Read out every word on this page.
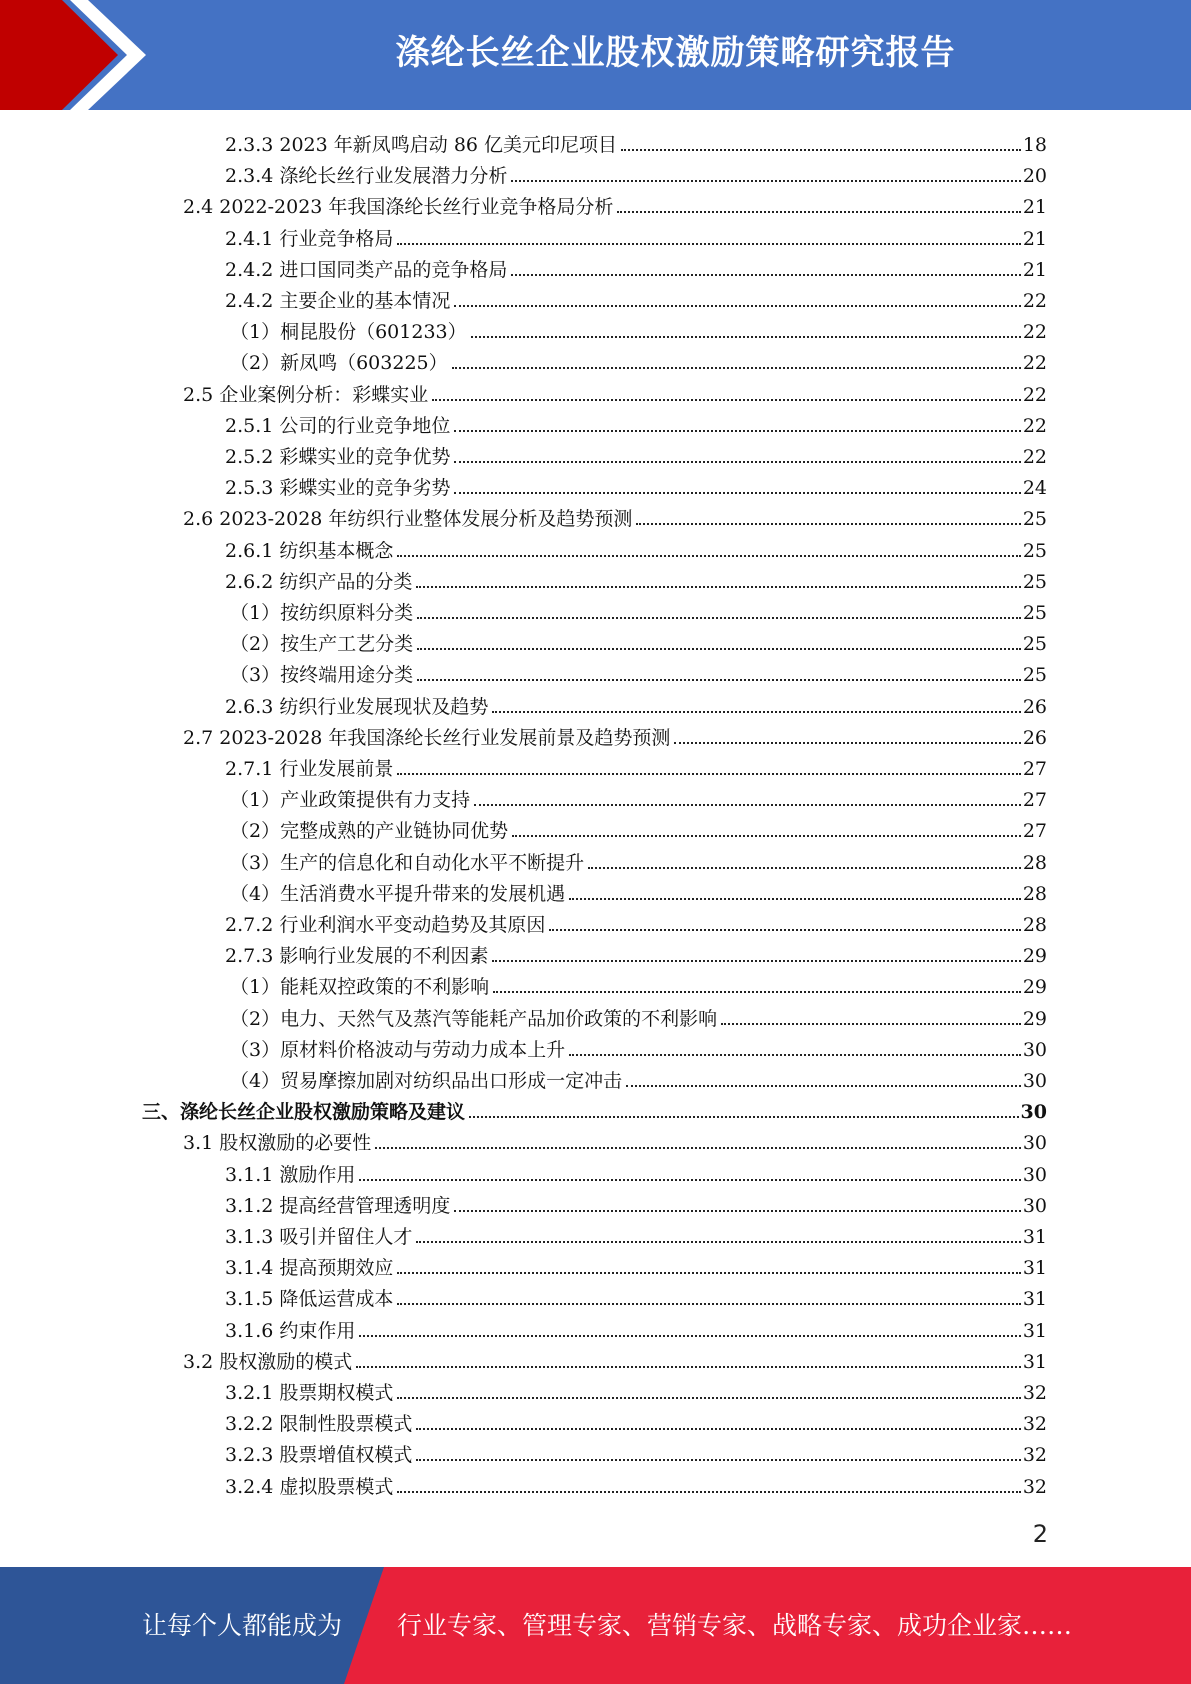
涤纶长丝企业股权激励策略研究报告
2.3.3 2023 年新凤鸣启动 86 亿美元印尼项目	18
2.3.4 涤纶长丝行业发展潜力分析	20
2.4 2022-2023 年我国涤纶长丝行业竞争格局分析	21
2.4.1 行业竞争格局	21
2.4.2 进口国同类产品的竞争格局	21
2.4.2 主要企业的基本情况	22
（1）桐昆股份（601233）	22
（2）新凤鸣（603225）	22
2.5 企业案例分析：彩蝶实业	22
2.5.1 公司的行业竞争地位	22
2.5.2 彩蝶实业的竞争优势	22
2.5.3 彩蝶实业的竞争劣势	24
2.6 2023-2028 年纺织行业整体发展分析及趋势预测	25
2.6.1 纺织基本概念	25
2.6.2 纺织产品的分类	25
（1）按纺织原料分类	25
（2）按生产工艺分类	25
（3）按终端用途分类	25
2.6.3 纺织行业发展现状及趋势	26
2.7 2023-2028 年我国涤纶长丝行业发展前景及趋势预测	26
2.7.1 行业发展前景	27
（1）产业政策提供有力支持	27
（2）完整成熟的产业链协同优势	27
（3）生产的信息化和自动化水平不断提升	28
（4）生活消费水平提升带来的发展机遇	28
2.7.2 行业利润水平变动趋势及其原因	28
2.7.3 影响行业发展的不利因素	29
（1）能耗双控政策的不利影响	29
（2）电力、天然气及蒸汽等能耗产品加价政策的不利影响	29
（3）原材料价格波动与劳动力成本上升	30
（4）贸易摩擦加剧对纺织品出口形成一定冲击	30
三、涤纶长丝企业股权激励策略及建议	30
3.1 股权激励的必要性	30
3.1.1 激励作用	30
3.1.2 提高经营管理透明度	30
3.1.3 吸引并留住人才	31
3.1.4 提高预期效应	31
3.1.5 降低运营成本	31
3.1.6 约束作用	31
3.2 股权激励的模式	31
3.2.1 股票期权模式	32
3.2.2 限制性股票模式	32
3.2.3 股票增值权模式	32
3.2.4 虚拟股票模式	32
2
让每个人都能成为 行业专家、管理专家、营销专家、战略专家、成功企业家……
